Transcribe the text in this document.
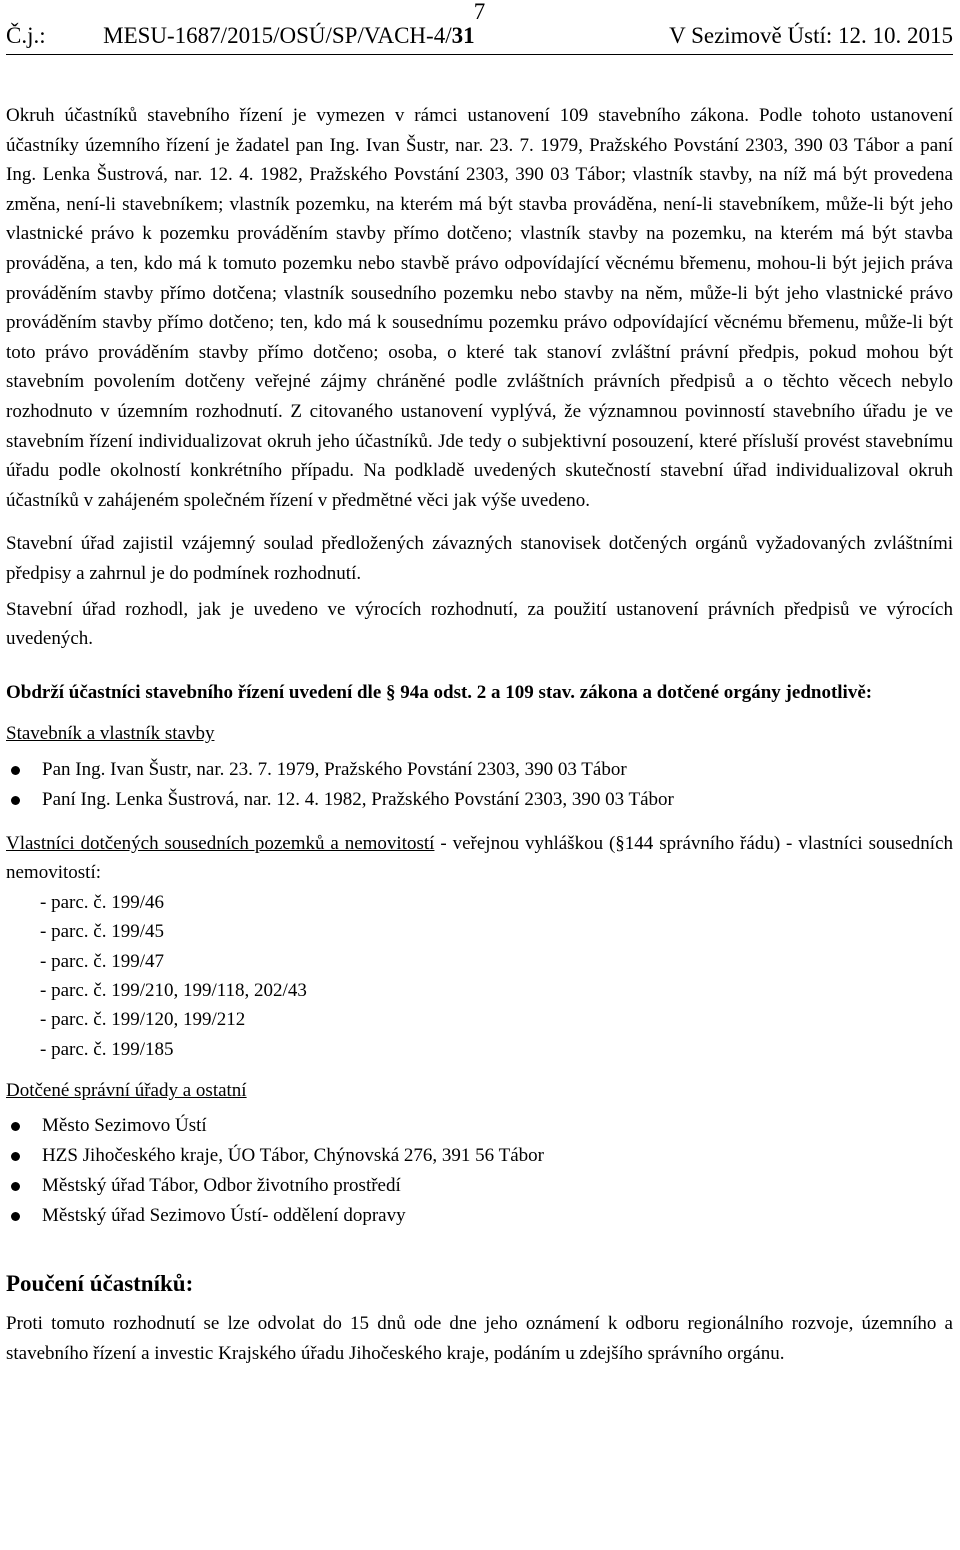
7
Č.j.:	MESU-1687/2015/OSÚ/SP/VACH-4/31	V Sezimově Ústí: 12. 10. 2015

Okruh účastníků stavebního řízení je vymezen v rámci ustanovení 109 stavebního zákona. Podle tohoto ustanovení účastníky územního řízení je žadatel pan Ing. Ivan Šustr, nar. 23. 7. 1979, Pražského Povstání 2303, 390 03 Tábor a paní Ing. Lenka Šustrová, nar. 12. 4. 1982, Pražského Povstání 2303, 390 03 Tábor; vlastník stavby, na níž má být provedena změna, není-li stavebníkem; vlastník pozemku, na kterém má být stavba prováděna, není-li stavebníkem, může-li být jeho vlastnické právo k pozemku prováděním stavby přímo dotčeno; vlastník stavby na pozemku, na kterém má být stavba prováděna, a ten, kdo má k tomuto pozemku nebo stavbě právo odpovídající věcnému břemenu, mohou-li být jejich práva prováděním stavby přímo dotčena; vlastník sousedního pozemku nebo stavby na něm, může-li být jeho vlastnické právo prováděním stavby přímo dotčeno; ten, kdo má k sousednímu pozemku právo odpovídající věcnému břemenu, může-li být toto právo prováděním stavby přímo dotčeno; osoba, o které tak stanoví zvláštní právní předpis, pokud mohou být stavebním povolením dotčeny veřejné zájmy chráněné podle zvláštních právních předpisů a o těchto věcech nebylo rozhodnuto v územním rozhodnutí. Z citovaného ustanovení vyplývá, že významnou povinností stavebního úřadu je ve stavebním řízení individualizovat okruh jeho účastníků. Jde tedy o subjektivní posouzení, které přísluší provést stavebnímu úřadu podle okolností konkrétního případu. Na podkladě uvedených skutečností stavební úřad individualizoval okruh účastníků v zahájeném společném řízení v předmětné věci jak výše uvedeno.

Stavební úřad zajistil vzájemný soulad předložených závazných stanovisek dotčených orgánů vyžadovaných zvláštními předpisy a zahrnul je do podmínek rozhodnutí.

Stavební úřad rozhodl, jak je uvedeno ve výrocích rozhodnutí, za použití ustanovení právních předpisů ve výrocích uvedených.

Obdrží účastníci stavebního řízení uvedení dle § 94a odst. 2 a 109 stav. zákona a dotčené orgány jednotlivě:

Stavebník a vlastník stavby
Pan Ing. Ivan Šustr, nar. 23. 7. 1979, Pražského Povstání 2303, 390 03 Tábor
Paní Ing. Lenka Šustrová, nar. 12. 4. 1982, Pražského Povstání 2303, 390 03 Tábor

Vlastníci dotčených sousedních pozemků a nemovitostí - veřejnou vyhláškou (§144 správního řádu) - vlastníci sousedních nemovitostí:

- parc. č. 199/46
- parc. č. 199/45
- parc. č. 199/47
- parc. č. 199/210, 199/118, 202/43
- parc. č. 199/120, 199/212
- parc. č. 199/185
Dotčené správní úřady a ostatní
Město Sezimovo Ústí
HZS Jihočeského kraje, ÚO Tábor, Chýnovská 276, 391 56 Tábor
Městský úřad Tábor, Odbor životního prostředí
Městský úřad Sezimovo Ústí- oddělení dopravy
Poučení účastníků:

Proti tomuto rozhodnutí se lze odvolat do 15 dnů ode dne jeho oznámení k odboru regionálního rozvoje, územního a stavebního řízení a investic Krajského úřadu Jihočeského kraje, podáním u zdejšího správního orgánu.
